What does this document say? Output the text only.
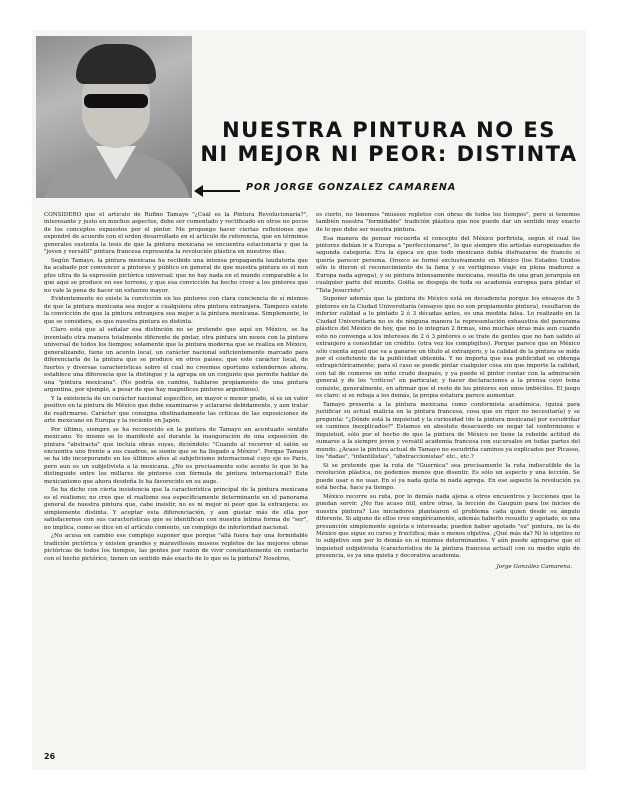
NUESTRA PINTURA NO ES
NI MEJOR NI PEOR: DISTINTA
POR JORGE GONZALEZ CAMARENA

CONSIDERO que el artículo de Rufino Tamayo "¿Cuál es la Pintura Revolucionaria?", interesante y justo en muchos aspectos, debe ser comentado y rectificado en otros no pocos de los conceptos expuestos por el pintor. Me propongo hacer ciertas reflexiones que expondré de acuerdo con el orden desarrollado en el artículo de referencia, que en términos generales sustenta la tesis de que la pintura mexicana se encuentra estacionaria y que la "joven y versátil" pintura francesa representa la revolución plástica en nuestros días.

Según Tamayo, la pintura mexicana ha recibido una intensa propaganda laudatoria que ha acabado por convencer a pintores y público en general de que nuestra pintura es el non plus ultra de la expresión pictórica universal; que no hay nada en el mundo comparable a lo que aquí se produce en ese terreno, y que esa convicción ha hecho creer a los pintores que no vale la pena de hacer un esfuerzo mayor.

Evidentemente no existe la convicción en los pintores con clara conciencia de sí mismos de que la pintura mexicana sea mejor a cualquiera otra pintura extranjera. Tampoco existe la convicción de que la pintura extranjera sea mejor a la pintura mexicana. Simplemente, lo que se considera, es que nuestra pintura es distinta.

Claro está que al señalar esa distinción no se pretende que aquí en México, se ha inventado otra manera totalmente diferente de pintar, otra pintura sin nexos con la pintura universal de todos los tiempos; solamente que la pintura moderna que se realiza en México, generalizando, tiene un acento local, un carácter nacional suficientemente marcado para diferenciarla de la pintura que se produce en otros países; que este carácter local, de fuertes y diversas características sobre el cual no creemos oportuno extendernos ahora, establece una diferencia que la distingue y la agrupa en un conjunto que permite hablar de una "pintura mexicana". (No podría en cambio, hablarse propiamente de una pintura argentina, por ejemplo, a pesar de que hay magníficos pintores argentinos).

Y la existencia de un carácter nacional específico, en mayor o menor grado, sí es un valor positivo en la pintura de México que debe examinarse y aclararse debidamente, y aun tratar de reafirmarse. Carácter que consigna obstinadamente las críticas de las exposiciones de arte mexicano en Europa y la reciente en Japón.

Por último, siempre se ha reconocido en la pintura de Tamayo un acentuado sentido mexicano. Yo mismo se lo manifesté así durante la inauguración de una exposición de pintura "abstracta" que incluía obras suyas, diciéndole: "Cuando al recorrer el salón se encuentra uno frente a sus cuadros, se siente que se ha llegado a México". Porque Tamayo se ha ido incorporando en los últimos años al subjetivismo internacional cuyo eje es París, pero aun es un subjetivista a la mexicana. ¿No es precisamente este acento lo que lo ha distinguido entre los millares de pintores con fórmula de pintura internacional? Este mexicanismo que ahora desdeña lo ha favorecido en su auge.

Se ha dicho con cierta insistencia que la característica principal de la pintura mexicana es el realismo; no creo que el realismo sea específicamente determinante en el panorama general de nuestra pintura que, cabe insistir, no es ni mejor ni peor que la extranjera: es simplemente distinta. Y aceptar esta diferenciación, y aun gustar más de ella por satisfacernos con sus características que se identifican con nuestra íntima forma de "ser", no implica, como se dice en el artículo comento, un complejo de inferioridad nacional.

¿No acusa en cambio ese complejo suponer que porque "allá fuera hay una formidable tradición pictórica y existen grandes y maravillosos museos repletos de las mejores obras pictóricas de todos los tiempos, las gentes por razón de vivir constantemente en contacto con el hecho pictórico, tienen un sentido más exacto de lo que es la pintura? Nosotros,

es cierto, no tenemos "museos repletos con obras de todos los tiempos", pero sí tenemos también nuestra "formidable" tradición plástica que nos puede dar un sentido muy exacto de lo que debe ser nuestra pintura.

Esa manera de pensar recuerda el concepto del México porfirista, según el cual los pintores debían ir a Europa a "perfeccionarse", lo que siempre dio artistas europeizados de segunda categoría. Era la época en que todo mexicano debía disfrazarse de francés si quería parecer persona. Orozco se formó exclusivamente en México (los Estados Unidos sólo le dieron el reconocimiento de la fama y su vertiginoso viaje en plena madurez a Europa nada agrega), y su pintura intensamente mexicana, resulta de una gran jerarquía en cualquier parte del mundo. Goitia se despoja de toda su academia europea para pintar el "Tata Jesucristo".

Suponer además que la pintura de México está en decadencia porque los ensayos de 5 pintores en la Ciudad Universitaria (ensayos que no son propiamente pintura), resultaron de inferior calidad a lo pintado 2 ó 3 décadas antes, es una medida falsa. Lo realizado en la Ciudad Universitaria no es de ninguna manera la representación exhaustiva del panorama plástico del México de hoy, que no lo integran 2 firmas, sino muchas otras más aun cuando esto no convenga a los intereses de 2 ó 3 pintores o se trate de gentes que no han salido al extranjero a consolidar un crédito. (otra vez los complejitos). Porque parece que en México sólo cuenta aquel que va a ganarse un título al extranjero, y la calidad de la pintura se mide por el coeficiente de la publicidad obtenida. Y no importa que esa publicidad se obtenga extrapictóricamente; para el caso se puede pintar cualquier cosa sin que importe la calidad, con tal de comerse un niño crudo después, y ya puede el pintor contar con la admiración general y de los "críticos" en particular, y hacer declaraciones a la prensa cuyo tema consiste, generalmente, en afirmar que el resto de los pintores son unos imbéciles. El juego es claro: si se rebaja a los demás, la propia estatura parece aumentar.

Tamayo presenta a la pintura mexicana como conformista académica, (quizá para justificar su actual malicia en la pintura francesa, cosa que en rigor no necesitaría) y se pregunta: "¿Dónde está la inquietud y la curiosidad (de la pintura mexicana) por escudriñar en caminos inexplicados?" Estamos en absoluto desacuerdo en negar tal conformismo e inquietud, sólo por el hecho de que la pintura de México no tiene la rebelde actitud de sumarse a la siempre joven y versátil academia francesa con sucursales en todas partes del mundo. ¿Acaso la pintura actual de Tamayo no escudriña caminos ya explicados por Picasso, los "dadas", "infantilistas", "abstraccionistas" etc., etc.?

Si se pretende que la ruta de "Guernica" sea precisamente la ruta indiscutible de la revolución plástica, no podemos menos que disentir. Es sólo un aspecto y una lección. Se puede usar o no usar. En sí ya nada quita ni nada agrega. En ese aspecto la revolución ya está hecha, hace ya tiempo.

México recorre su ruta, por lo demás nada ajena a otros encuentros y lecciones que la puedan servir. ¿No fue acaso útil, entre otras, la lección de Gauguin para los inicios de nuestra pintura? Los iniciadores plantearon el problema cada quien desde su ángulo diferente. Si alguno de ellos cree empíricamente, además haberlo resuelto y agotado, es una presunción simplemente egoísta e interesada; pueden haber agotado "su" pintura, no la de México que sigue su curso y fructifica; más o menos objetiva. ¿Qué más da? Ni lo objetivo ni lo subjetivo son por lo demás en sí mismos determinantes. Y aún puede agregarse que el inquietud subjetivista (característica de la pintura francesa actual) con su medio siglo de presencia, es ya una quieta y decorativa academia.

Jorge González Camarena.
26
